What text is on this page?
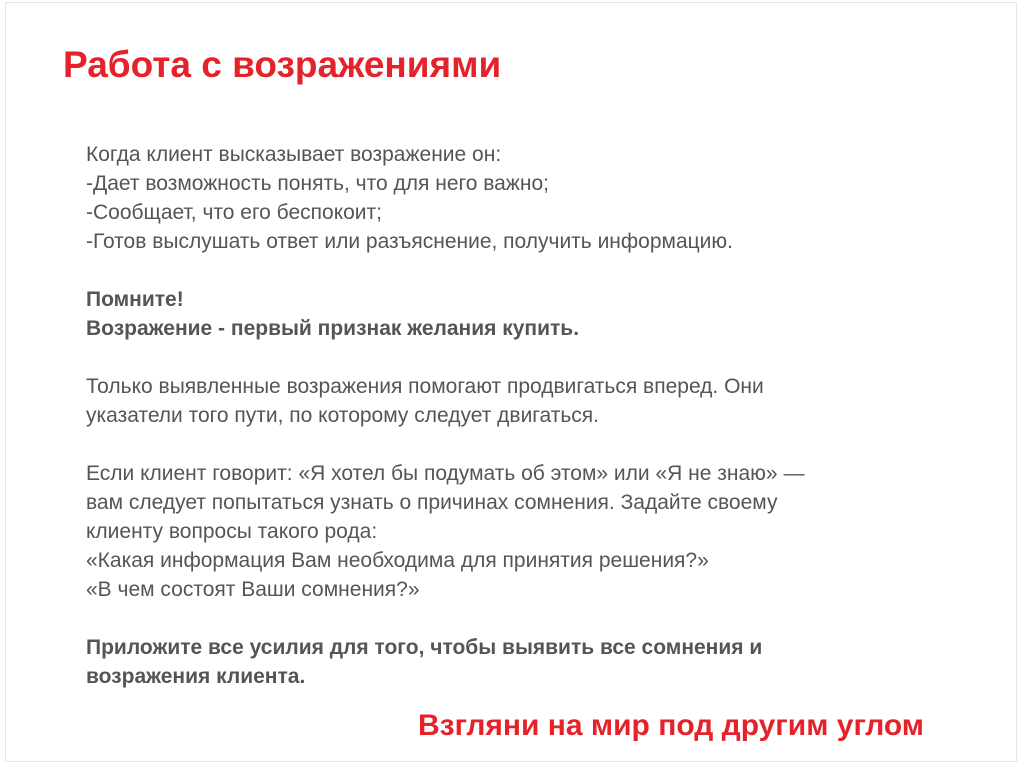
Работа с возражениями

Когда клиент высказывает возражение он:
-Дает возможность понять, что для него важно;
-Сообщает, что его беспокоит;
-Готов выслушать ответ или разъяснение, получить информацию.

Помните!
Возражение - первый признак желания купить.

Только выявленные возражения помогают продвигаться вперед. Они
указатели того пути, по которому следует двигаться.

Если клиент говорит: «Я хотел бы подумать об этом» или «Я не знаю» —
вам следует попытаться узнать о причинах сомнения. Задайте своему
клиенту вопросы такого рода:
«Какая информация Вам необходима для принятия решения?»
«В чем состоят Ваши сомнения?»

Приложите все усилия для того, чтобы выявить все сомнения и
возражения клиента.

Взгляни на мир под другим углом
